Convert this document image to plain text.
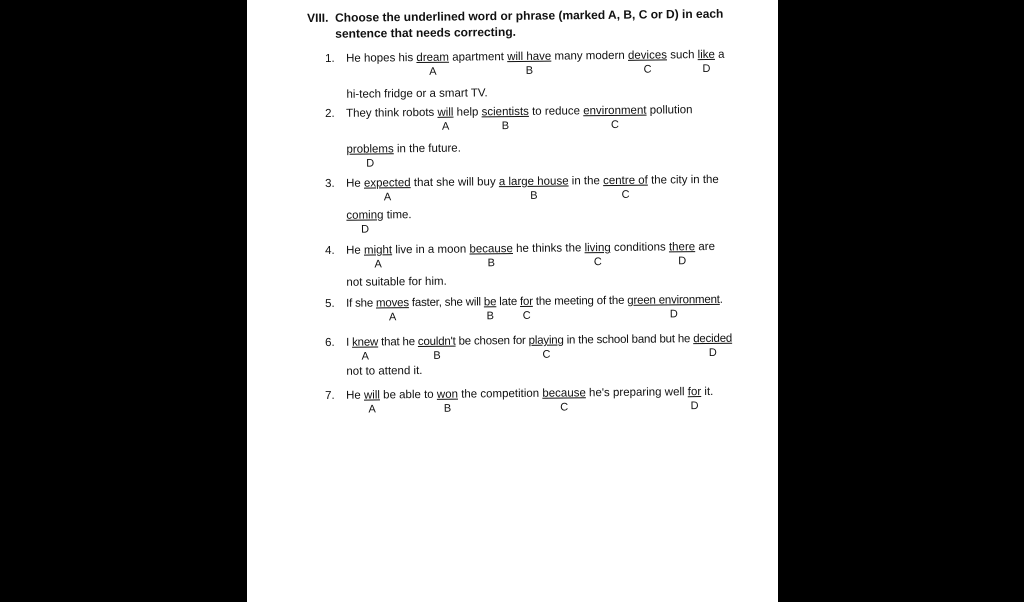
VIII. Choose the underlined word or phrase (marked A, B, C or D) in each
sentence that needs correcting.
1. He hopes his dream
A
apartment will have
B
many modern devices
C
such like
D
a
hi-tech fridge or a smart TV.
2. They think robots will
A
help scientists
B
to reduce environment
C
pollution
problems
D
in the future.
3. He expected
A
that she will buy a large house
B
in the centre of
C
the city in the
coming
D
time.
4. He might
A
live in a moon because
B
he thinks the living
C
conditions there
D
are
not suitable for him.
5. If she moves
A
faster, she will be
B
late for
C
the meeting of the green environment
D
.
6. I knew
A
that he couldn't
B
be chosen for playing
C
in the school band but he decided
D
not to attend it.
7. He will
A
be able to won
B
the competition because
C
he's preparing well for
D
it.
